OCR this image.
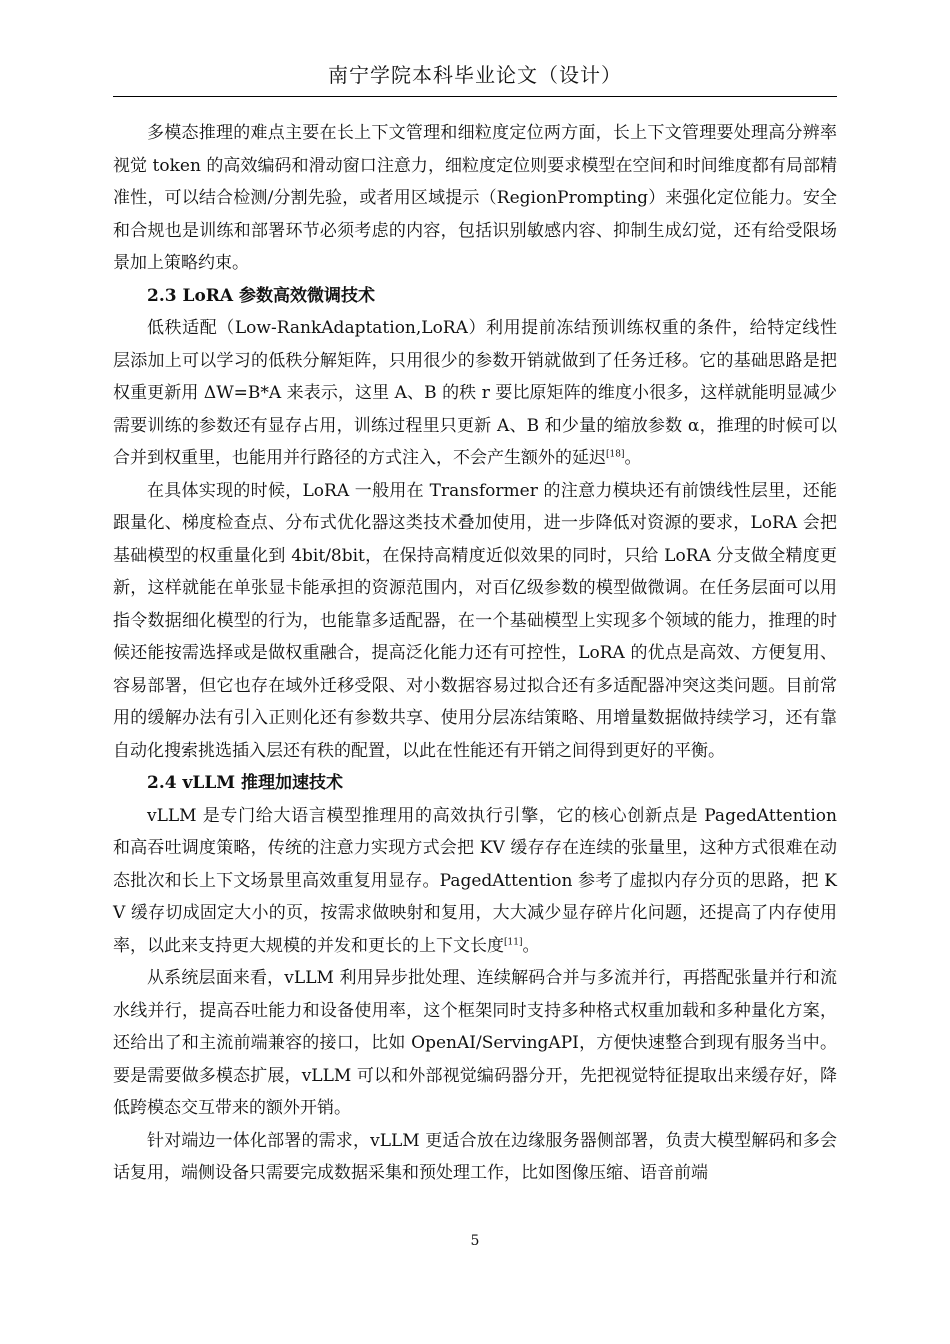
南宁学院本科毕业论文（设计）

多模态推理的难点主要在长上下文管理和细粒度定位两方面，长上下文管理要处理高分辨率视觉 token 的高效编码和滑动窗口注意力，细粒度定位则要求模型在空间和时间维度都有局部精准性，可以结合检测/分割先验，或者用区域提示（RegionPrompting）来强化定位能力。安全和合规也是训练和部署环节必须考虑的内容，包括识别敏感内容、抑制生成幻觉，还有给受限场景加上策略约束。

2.3 LoRA 参数高效微调技术

低秩适配（Low-RankAdaptation,LoRA）利用提前冻结预训练权重的条件，给特定线性层添加上可以学习的低秩分解矩阵，只用很少的参数开销就做到了任务迁移。它的基础思路是把权重更新用 ΔW=B*A 来表示，这里 A、B 的秩 r 要比原矩阵的维度小很多，这样就能明显减少需要训练的参数还有显存占用，训练过程里只更新 A、B 和少量的缩放参数 α，推理的时候可以合并到权重里，也能用并行路径的方式注入，不会产生额外的延迟[18]。

在具体实现的时候，LoRA 一般用在 Transformer 的注意力模块还有前馈线性层里，还能跟量化、梯度检查点、分布式优化器这类技术叠加使用，进一步降低对资源的要求，LoRA 会把基础模型的权重量化到 4bit/8bit，在保持高精度近似效果的同时，只给 LoRA 分支做全精度更新，这样就能在单张显卡能承担的资源范围内，对百亿级参数的模型做微调。在任务层面可以用指令数据细化模型的行为，也能靠多适配器，在一个基础模型上实现多个领域的能力，推理的时候还能按需选择或是做权重融合，提高泛化能力还有可控性，LoRA 的优点是高效、方便复用、容易部署，但它也存在域外迁移受限、对小数据容易过拟合还有多适配器冲突这类问题。目前常用的缓解办法有引入正则化还有参数共享、使用分层冻结策略、用增量数据做持续学习，还有靠自动化搜索挑选插入层还有秩的配置，以此在性能还有开销之间得到更好的平衡。

2.4 vLLM 推理加速技术

vLLM 是专门给大语言模型推理用的高效执行引擎，它的核心创新点是 PagedAttention 和高吞吐调度策略，传统的注意力实现方式会把 KV 缓存存在连续的张量里，这种方式很难在动态批次和长上下文场景里高效重复用显存。PagedAttention 参考了虚拟内存分页的思路，把 KV 缓存切成固定大小的页，按需求做映射和复用，大大减少显存碎片化问题，还提高了内存使用率，以此来支持更大规模的并发和更长的上下文长度[11]。

从系统层面来看，vLLM 利用异步批处理、连续解码合并与多流并行，再搭配张量并行和流水线并行，提高吞吐能力和设备使用率，这个框架同时支持多种格式权重加载和多种量化方案，还给出了和主流前端兼容的接口，比如 OpenAI/ServingAPI，方便快速整合到现有服务当中。要是需要做多模态扩展，vLLM 可以和外部视觉编码器分开，先把视觉特征提取出来缓存好，降低跨模态交互带来的额外开销。

针对端边一体化部署的需求，vLLM 更适合放在边缘服务器侧部署，负责大模型解码和多会话复用，端侧设备只需要完成数据采集和预处理工作，比如图像压缩、语音前端

5
